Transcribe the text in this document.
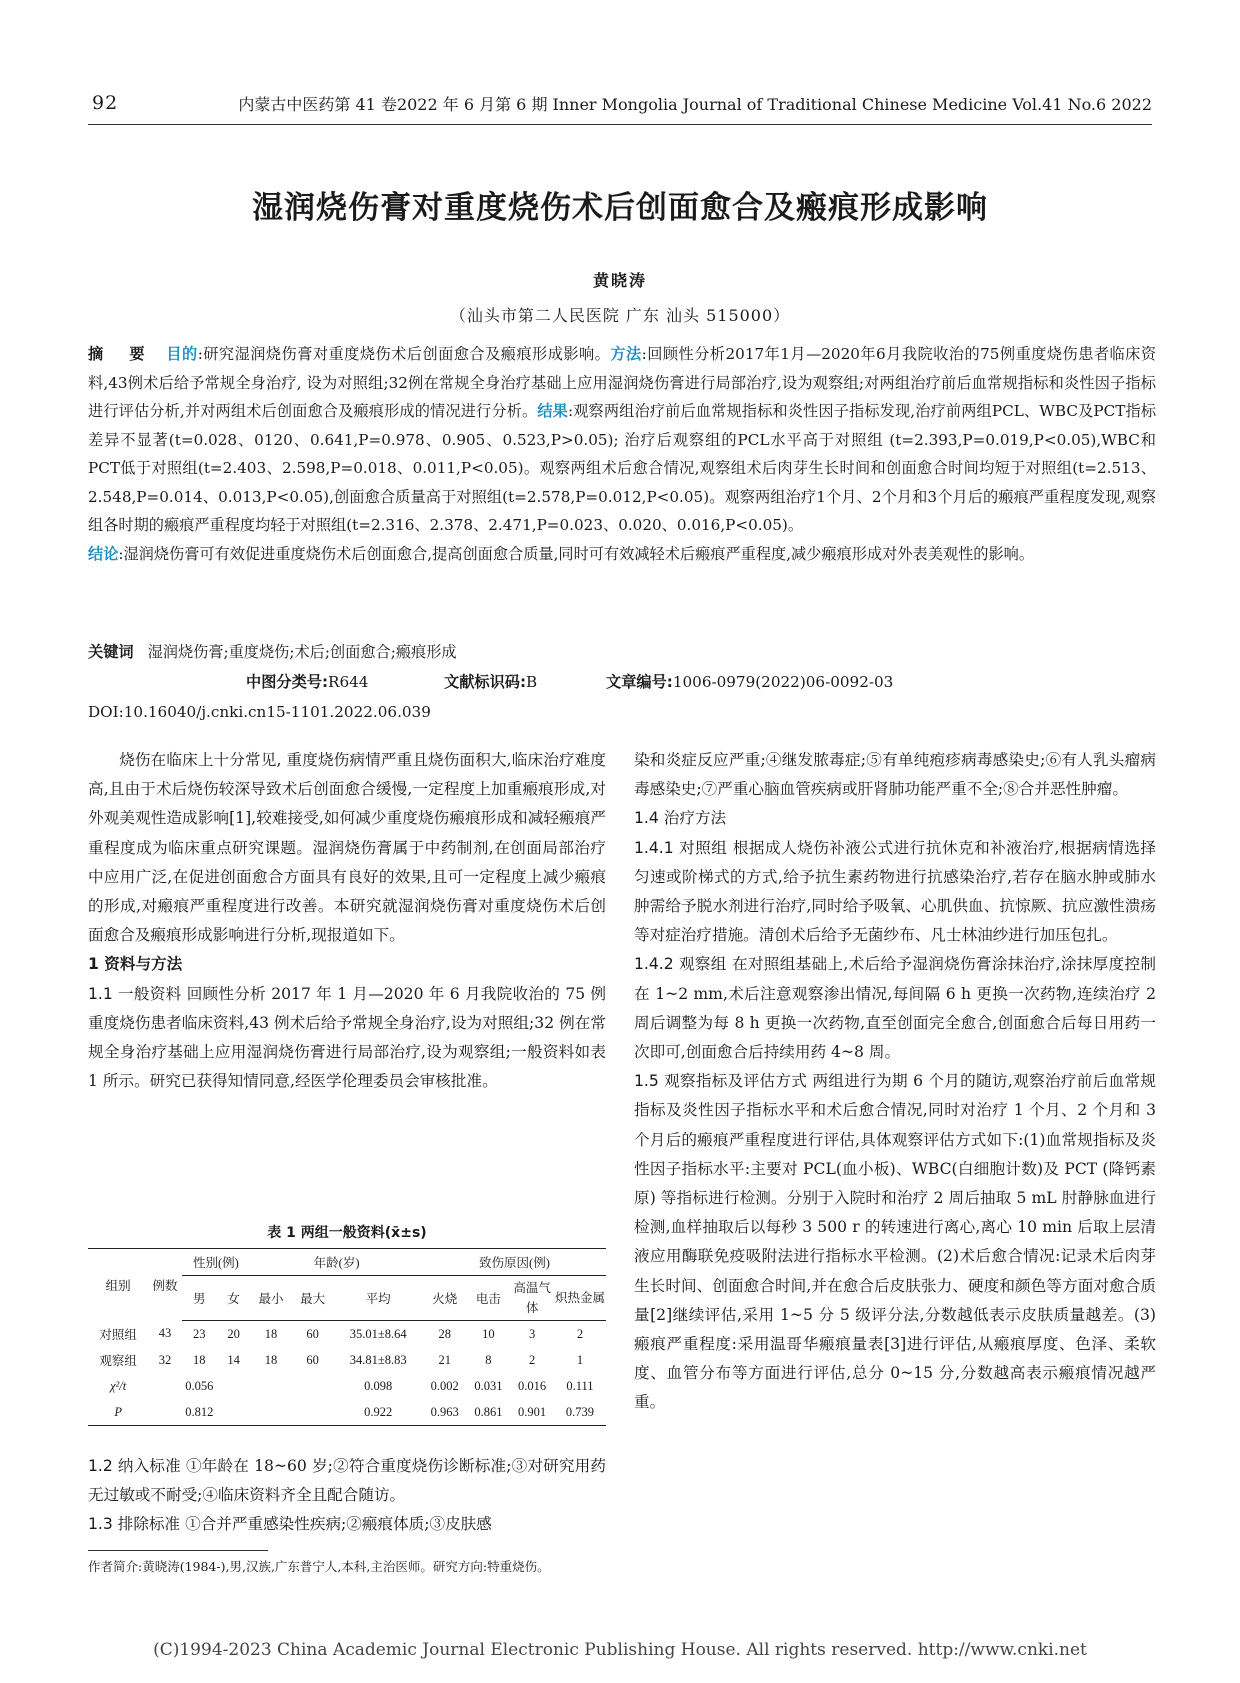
92	内蒙古中医药第 41 卷2022 年 6 月第 6 期 Inner Mongolia Journal of Traditional Chinese Medicine Vol.41 No.6 2022
湿润烧伤膏对重度烧伤术后创面愈合及瘢痕形成影响
黄晓涛
（汕头市第二人民医院 广东 汕头 515000）
摘 要 目的:研究湿润烧伤膏对重度烧伤术后创面愈合及瘢痕形成影响。方法:回顾性分析2017年1月—2020年6月我院收治的75例重度烧伤患者临床资料,43例术后给予常规全身治疗, 设为对照组;32例在常规全身治疗基础上应用湿润烧伤膏进行局部治疗,设为观察组;对两组治疗前后血常规指标和炎性因子指标进行评估分析,并对两组术后创面愈合及瘢痕形成的情况进行分析。结果:观察两组治疗前后血常规指标和炎性因子指标发现,治疗前两组PCL、WBC及PCT指标差异不显著(t=0.028、0120、0.641,P=0.978、0.905、0.523,P>0.05); 治疗后观察组的PCL水平高于对照组 (t=2.393,P=0.019,P<0.05),WBC和PCT低于对照组(t=2.403、2.598,P=0.018、0.011,P<0.05)。观察两组术后愈合情况,观察组术后肉芽生长时间和创面愈合时间均短于对照组(t=2.513、2.548,P=0.014、0.013,P<0.05),创面愈合质量高于对照组(t=2.578,P=0.012,P<0.05)。观察两组治疗1个月、2个月和3个月后的瘢痕严重程度发现,观察组各时期的瘢痕严重程度均轻于对照组(t=2.316、2.378、2.471,P=0.023、0.020、0.016,P<0.05)。
结论:湿润烧伤膏可有效促进重度烧伤术后创面愈合,提高创面愈合质量,同时可有效减轻术后瘢痕严重程度,减少瘢痕形成对外表美观性的影响。
关键词 湿润烧伤膏;重度烧伤;术后;创面愈合;瘢痕形成
中图分类号:R644	文献标识码:B	文章编号:1006-0979(2022)06-0092-03
DOI:10.16040/j.cnki.cn15-1101.2022.06.039

烧伤在临床上十分常见, 重度烧伤病情严重且烧伤面积大,临床治疗难度高,且由于术后烧伤较深导致术后创面愈合缓慢,一定程度上加重瘢痕形成,对外观美观性造成影响[1],较难接受,如何减少重度烧伤瘢痕形成和减轻瘢痕严重程度成为临床重点研究课题。湿润烧伤膏属于中药制剂,在创面局部治疗中应用广泛,在促进创面愈合方面具有良好的效果,且可一定程度上减少瘢痕的形成,对瘢痕严重程度进行改善。本研究就湿润烧伤膏对重度烧伤术后创面愈合及瘢痕形成影响进行分析,现报道如下。

1 资料与方法

1.1 一般资料 回顾性分析 2017 年 1 月—2020 年 6 月我院收治的 75 例重度烧伤患者临床资料,43 例术后给予常规全身治疗,设为对照组;32 例在常规全身治疗基础上应用湿润烧伤膏进行局部治疗,设为观察组;一般资料如表 1 所示。研究已获得知情同意,经医学伦理委员会审核批准。

表 1 两组一般资料(x̄±s)
组别	例数	性别(例)		年龄(岁)			致伤原因(例)			
		男	女	最小	最大	平均	火烧	电击	高温气体	炽热金属
对照组	43	23	20	18	60	35.01±8.64	28	10	3	2
观察组	32	18	14	18	60	34.81±8.83	21	8	2	1
χ²/t		0.056				0.098	0.002	0.031	0.016	0.111
P		0.812				0.922	0.963	0.861	0.901	0.739

1.2 纳入标准 ①年龄在 18~60 岁;②符合重度烧伤诊断标准;③对研究用药无过敏或不耐受;④临床资料齐全且配合随访。

1.3 排除标准 ①合并严重感染性疾病;②瘢痕体质;③皮肤感

作者简介:黄晓涛(1984-),男,汉族,广东普宁人,本科,主治医师。研究方向:特重烧伤。

染和炎症反应严重;④继发脓毒症;⑤有单纯疱疹病毒感染史;⑥有人乳头瘤病毒感染史;⑦严重心脑血管疾病或肝肾肺功能严重不全;⑧合并恶性肿瘤。

1.4 治疗方法

1.4.1 对照组 根据成人烧伤补液公式进行抗休克和补液治疗,根据病情选择匀速或阶梯式的方式,给予抗生素药物进行抗感染治疗,若存在脑水肿或肺水肿需给予脱水剂进行治疗,同时给予吸氧、心肌供血、抗惊厥、抗应激性溃疡等对症治疗措施。清创术后给予无菌纱布、凡士林油纱进行加压包扎。

1.4.2 观察组 在对照组基础上,术后给予湿润烧伤膏涂抹治疗,涂抹厚度控制在 1~2 mm,术后注意观察渗出情况,每间隔 6 h 更换一次药物,连续治疗 2 周后调整为每 8 h 更换一次药物,直至创面完全愈合,创面愈合后每日用药一次即可,创面愈合后持续用药 4~8 周。

1.5 观察指标及评估方式 两组进行为期 6 个月的随访,观察治疗前后血常规指标及炎性因子指标水平和术后愈合情况,同时对治疗 1 个月、2 个月和 3 个月后的瘢痕严重程度进行评估,具体观察评估方式如下:(1)血常规指标及炎性因子指标水平:主要对 PCL(血小板)、WBC(白细胞计数)及 PCT (降钙素原) 等指标进行检测。分别于入院时和治疗 2 周后抽取 5 mL 肘静脉血进行检测,血样抽取后以每秒 3 500 r 的转速进行离心,离心 10 min 后取上层清液应用酶联免疫吸附法进行指标水平检测。(2)术后愈合情况:记录术后肉芽生长时间、创面愈合时间,并在愈合后皮肤张力、硬度和颜色等方面对愈合质量[2]继续评估,采用 1~5 分 5 级评分法,分数越低表示皮肤质量越差。(3)瘢痕严重程度:采用温哥华瘢痕量表[3]进行评估,从瘢痕厚度、色泽、柔软度、血管分布等方面进行评估,总分 0~15 分,分数越高表示瘢痕情况越严重。

(C)1994-2023 China Academic Journal Electronic Publishing House. All rights reserved. http://www.cnki.net
